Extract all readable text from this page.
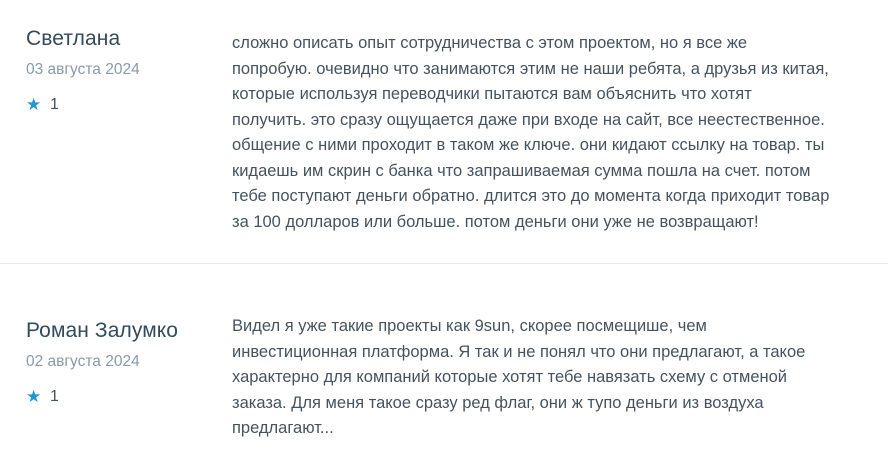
Светлана
03 августа 2024
★ 1

сложно описать опыт сотрудничества с этом проектом, но я все же попробую. очевидно что занимаются этим не наши ребята, а друзья из китая, которые используя переводчики пытаются вам объяснить что хотят получить. это сразу ощущается даже при входе на сайт, все неестественное. общение с ними проходит в таком же ключе. они кидают ссылку на товар. ты кидаешь им скрин с банка что запрашиваемая сумма пошла на счет. потом тебе поступают деньги обратно. длится это до момента когда приходит товар за 100 долларов или больше. потом деньги они уже не возвращают!

Роман Залумко
02 августа 2024
★ 1

Видел я уже такие проекты как 9sun, скорее посмещише, чем инвестиционная платформа. Я так и не понял что они предлагают, а такое характерно для компаний которые хотят тебе навязать схему с отменой заказа. Для меня такое сразу ред флаг, они ж тупо деньги из воздуха предлагают...
